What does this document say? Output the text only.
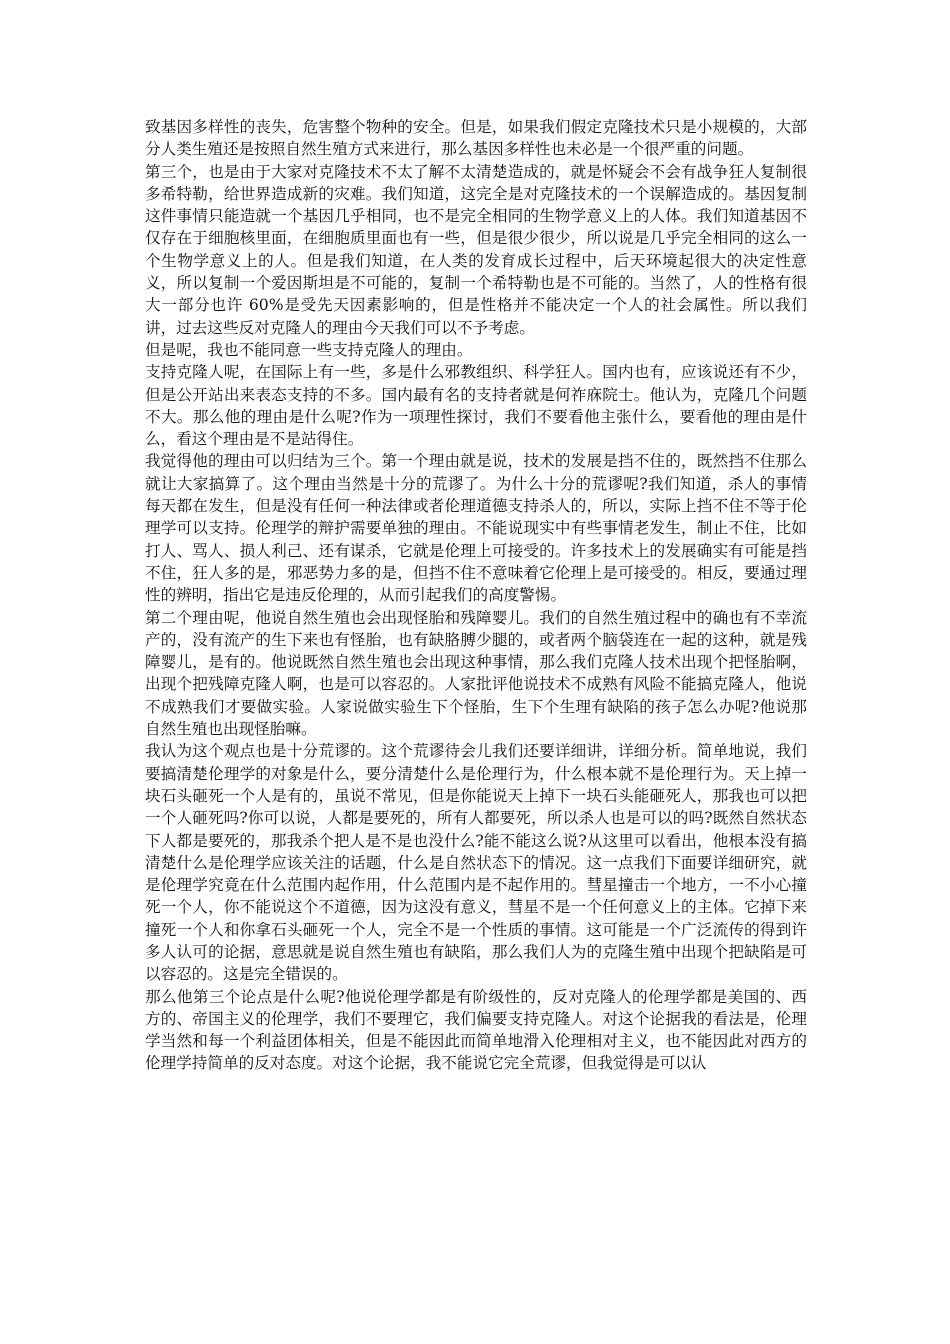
致基因多样性的丧失，危害整个物种的安全。但是，如果我们假定克隆技术只是小规模的，大部分人类生殖还是按照自然生殖方式来进行，那么基因多样性也未必是一个很严重的问题。

第三个，也是由于大家对克隆技术不太了解不太清楚造成的，就是怀疑会不会有战争狂人复制很多希特勒，给世界造成新的灾难。我们知道，这完全是对克隆技术的一个误解造成的。基因复制这件事情只能造就一个基因几乎相同，也不是完全相同的生物学意义上的人体。我们知道基因不仅存在于细胞核里面，在细胞质里面也有一些，但是很少很少，所以说是几乎完全相同的这么一个生物学意义上的人。但是我们知道，在人类的发育成长过程中，后天环境起很大的决定性意义，所以复制一个爱因斯坦是不可能的，复制一个希特勒也是不可能的。当然了，人的性格有很大一部分也许 60%是受先天因素影响的，但是性格并不能决定一个人的社会属性。所以我们讲，过去这些反对克隆人的理由今天我们可以不予考虑。

但是呢，我也不能同意一些支持克隆人的理由。

支持克隆人呢，在国际上有一些，多是什么邪教组织、科学狂人。国内也有，应该说还有不少，但是公开站出来表态支持的不多。国内最有名的支持者就是何祚庥院士。他认为，克隆几个问题不大。那么他的理由是什么呢?作为一项理性探讨，我们不要看他主张什么，要看他的理由是什么，看这个理由是不是站得住。

我觉得他的理由可以归结为三个。第一个理由就是说，技术的发展是挡不住的，既然挡不住那么就让大家搞算了。这个理由当然是十分的荒谬了。为什么十分的荒谬呢?我们知道，杀人的事情每天都在发生，但是没有任何一种法律或者伦理道德支持杀人的，所以，实际上挡不住不等于伦理学可以支持。伦理学的辩护需要单独的理由。不能说现实中有些事情老发生，制止不住，比如打人、骂人、损人利己、还有谋杀，它就是伦理上可接受的。许多技术上的发展确实有可能是挡不住，狂人多的是，邪恶势力多的是，但挡不住不意味着它伦理上是可接受的。相反，要通过理性的辨明，指出它是违反伦理的，从而引起我们的高度警惕。

第二个理由呢，他说自然生殖也会出现怪胎和残障婴儿。我们的自然生殖过程中的确也有不幸流产的，没有流产的生下来也有怪胎，也有缺胳膊少腿的，或者两个脑袋连在一起的这种，就是残障婴儿，是有的。他说既然自然生殖也会出现这种事情，那么我们克隆人技术出现个把怪胎啊，出现个把残障克隆人啊，也是可以容忍的。人家批评他说技术不成熟有风险不能搞克隆人，他说不成熟我们才要做实验。人家说做实验生下个怪胎，生下个生理有缺陷的孩子怎么办呢?他说那自然生殖也出现怪胎嘛。

我认为这个观点也是十分荒谬的。这个荒谬待会儿我们还要详细讲，详细分析。简单地说，我们要搞清楚伦理学的对象是什么，要分清楚什么是伦理行为，什么根本就不是伦理行为。天上掉一块石头砸死一个人是有的，虽说不常见，但是你能说天上掉下一块石头能砸死人，那我也可以把一个人砸死吗?你可以说，人都是要死的，所有人都要死，所以杀人也是可以的吗?既然自然状态下人都是要死的，那我杀个把人是不是也没什么?能不能这么说?从这里可以看出，他根本没有搞清楚什么是伦理学应该关注的话题，什么是自然状态下的情况。这一点我们下面要详细研究，就是伦理学究竟在什么范围内起作用，什么范围内是不起作用的。彗星撞击一个地方，一不小心撞死一个人，你不能说这个不道德，因为这没有意义，彗星不是一个任何意义上的主体。它掉下来撞死一个人和你拿石头砸死一个人，完全不是一个性质的事情。这可能是一个广泛流传的得到许多人认可的论据，意思就是说自然生殖也有缺陷，那么我们人为的克隆生殖中出现个把缺陷是可以容忍的。这是完全错误的。

那么他第三个论点是什么呢?他说伦理学都是有阶级性的，反对克隆人的伦理学都是美国的、西方的、帝国主义的伦理学，我们不要理它，我们偏要支持克隆人。对这个论据我的看法是，伦理学当然和每一个利益团体相关，但是不能因此而简单地滑入伦理相对主义，也不能因此对西方的伦理学持简单的反对态度。对这个论据，我不能说它完全荒谬，但我觉得是可以认
